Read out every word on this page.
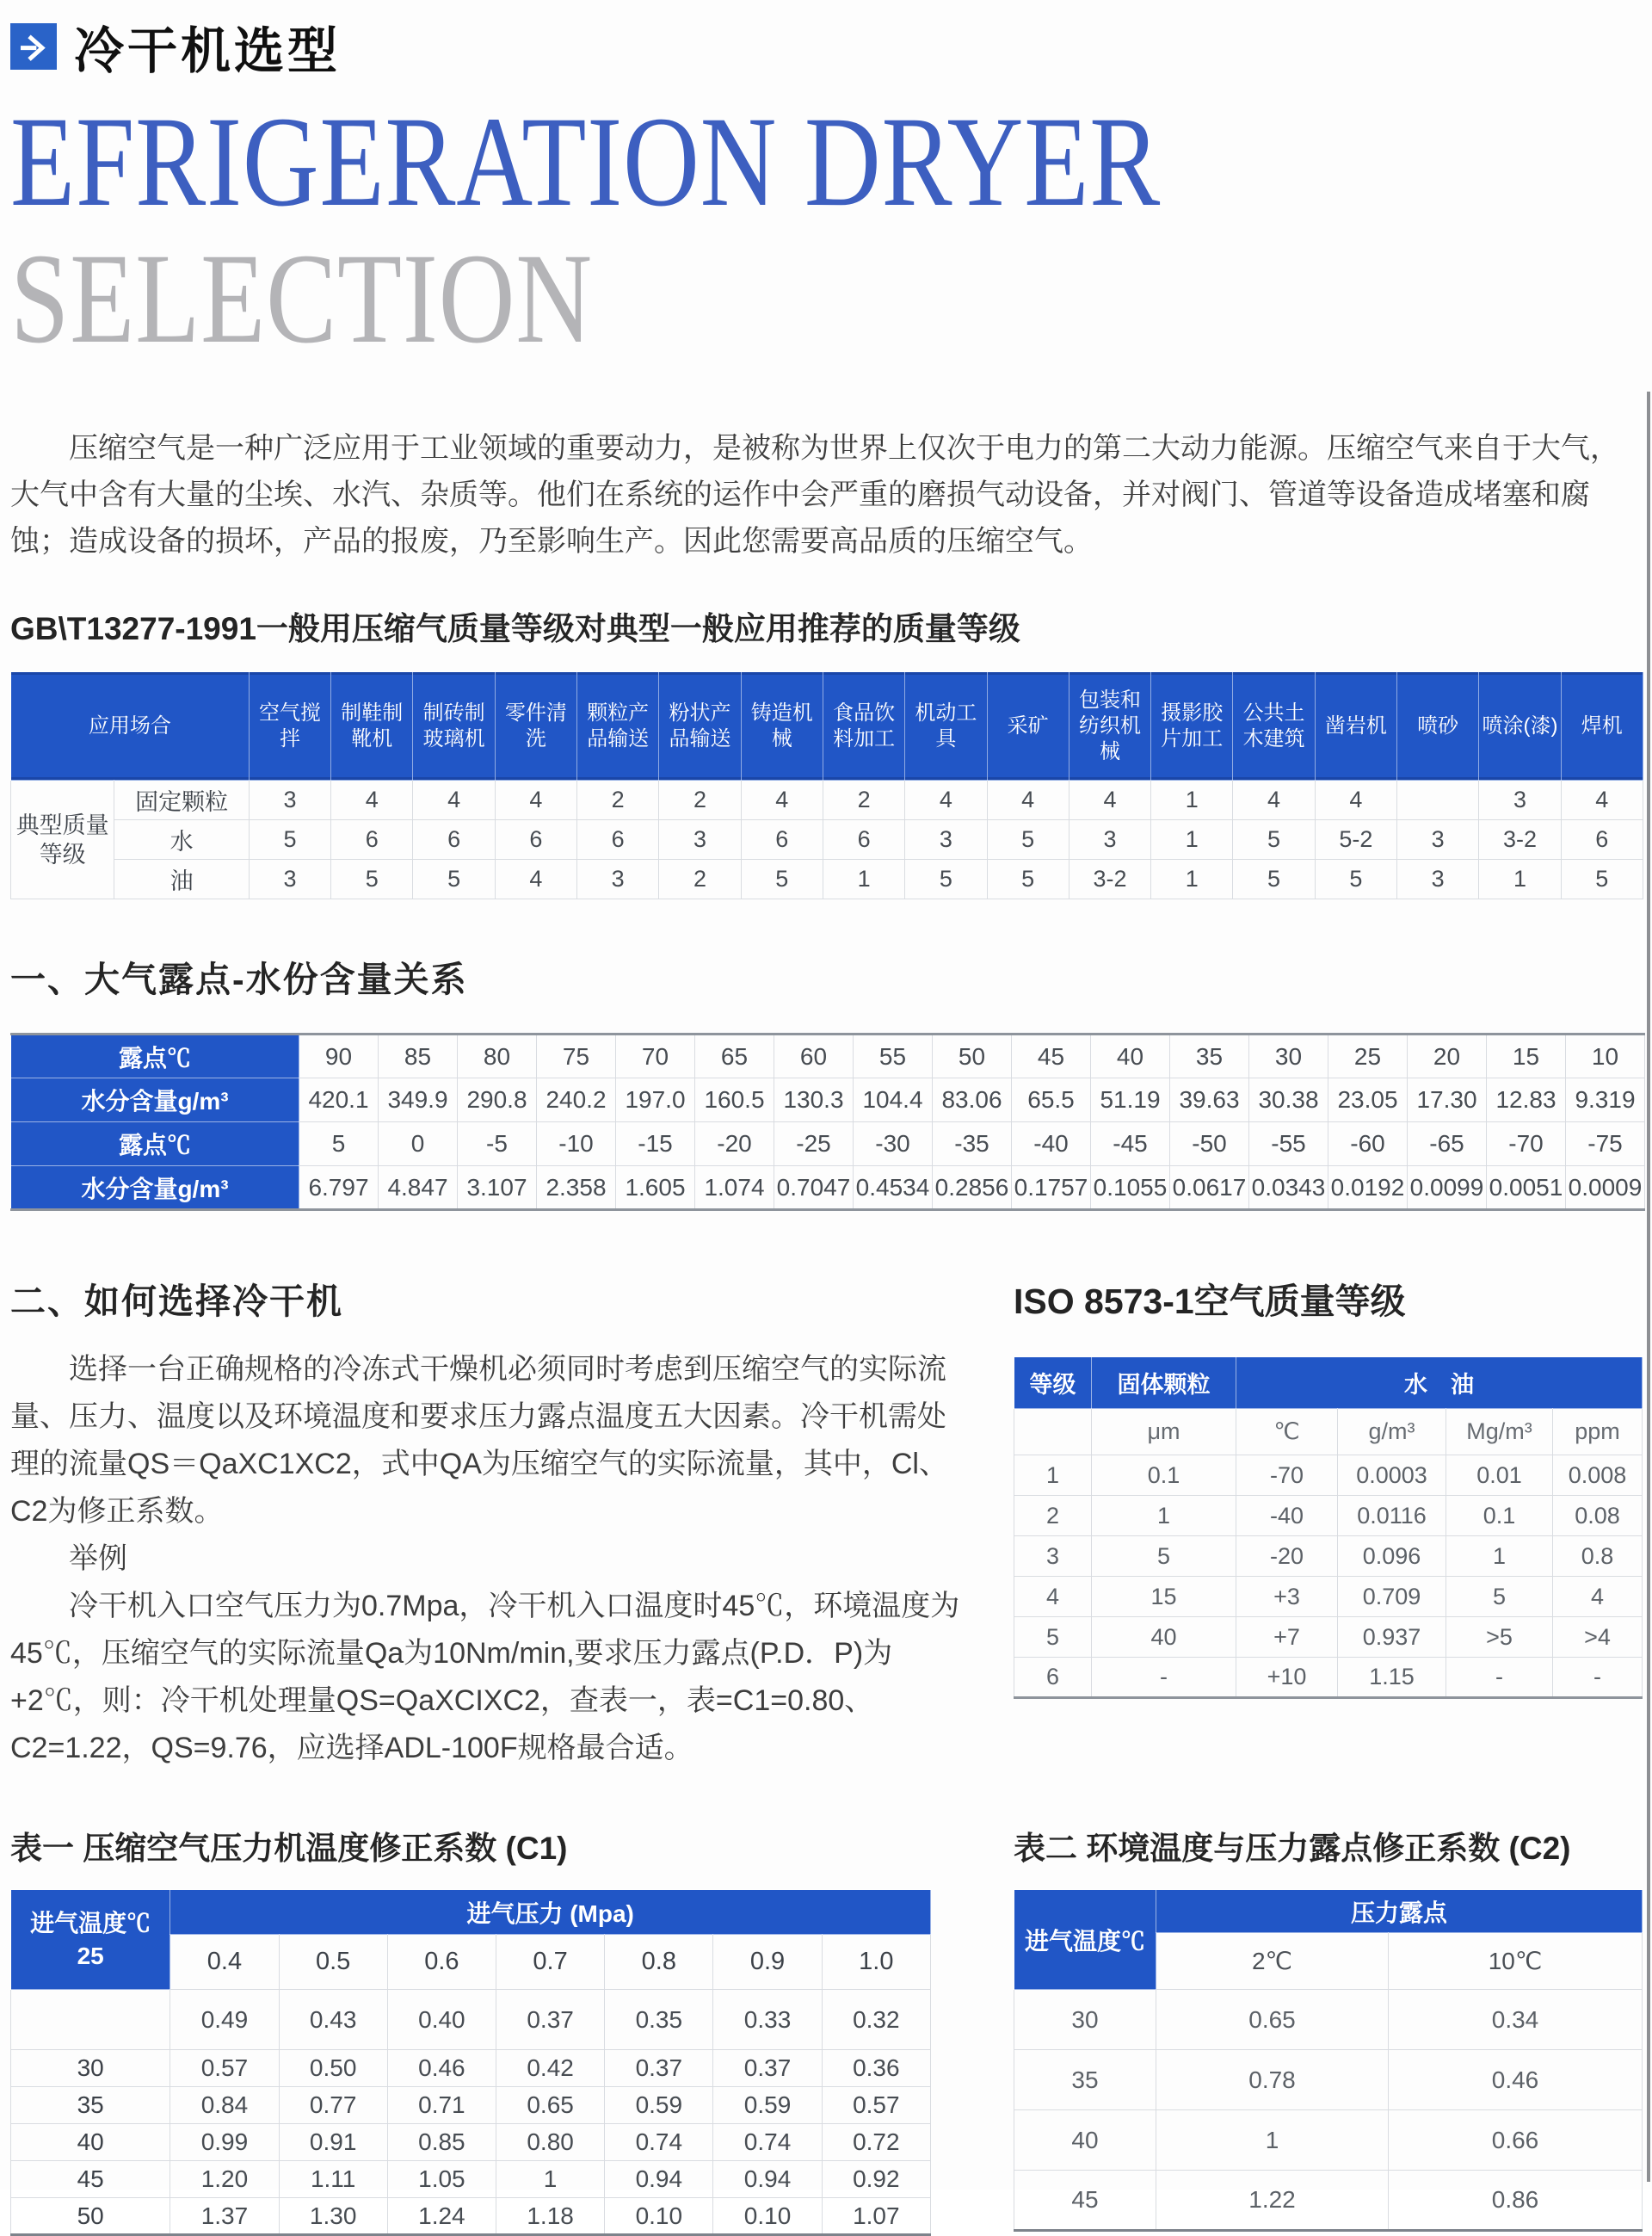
冷干机选型
EFRIGERATION DRYER
SELECTION

压缩空气是一种广泛应用于工业领域的重要动力，是被称为世界上仅次于电力的第二大动力能源。压缩空气来自于大气，大气中含有大量的尘埃、水汽、杂质等。他们在系统的运作中会严重的磨损气动设备，并对阀门、管道等设备造成堵塞和腐蚀；造成设备的损坏，产品的报废，乃至影响生产。因此您需要高品质的压缩空气。

GB\T13277-1991一般用压缩气质量等级对典型一般应用推荐的质量等级
应用场合		空气搅拌	制鞋制靴机	制砖制玻璃机	零件清洗	颗粒产品输送	粉状产品输送	铸造机械	食品饮料加工	机动工具	采矿	包装和纺织机械	摄影胶片加工	公共土木建筑	凿岩机	喷砂	喷涂(漆)	焊机
典型质量等级	固定颗粒	3	4	4	4	2	2	4	2	4	4	4	1	4	4		3	4
	水	5	6	6	6	6	3	6	6	3	5	3	1	5	5-2	3	3-2	6
	油	3	5	5	4	3	2	5	1	5	5	3-2	1	5	5	3	1	5
一、大气露点-水份含量关系
露点℃	90	85	80	75	70	65	60	55	50	45	40	35	30	25	20	15	10
水分含量g/m³	420.1	349.9	290.8	240.2	197.0	160.5	130.3	104.4	83.06	65.5	51.19	39.63	30.38	23.05	17.30	12.83	9.319
露点℃	5	0	-5	-10	-15	-20	-25	-30	-35	-40	-45	-50	-55	-60	-65	-70	-75
水分含量g/m³	6.797	4.847	3.107	2.358	1.605	1.074	0.7047	0.4534	0.2856	0.1757	0.1055	0.0617	0.0343	0.0192	0.0099	0.0051	0.0009
二、如何选择冷干机

选择一台正确规格的冷冻式干燥机必须同时考虑到压缩空气的实际流量、压力、温度以及环境温度和要求压力露点温度五大因素。冷干机需处理的流量QS＝QaXC1XC2，式中QA为压缩空气的实际流量，其中，Cl、C2为修正系数。

举例

冷干机入口空气压力为0.7Mpa，冷干机入口温度时45℃，环境温度为45℃，压缩空气的实际流量Qa为10Nm/min,要求压力露点(P.D．P)为+2℃，则：冷干机处理量QS=QaXCIXC2，查表一，表=C1=0.80、C2=1.22，QS=9.76，应选择ADL-100F规格最合适。

ISO 8573-1空气质量等级
等级	固体颗粒	水　油			
	μm	℃	g/m³	Mg/m³	ppm
1	0.1	-70	0.0003	0.01	0.008
2	1	-40	0.0116	0.1	0.08
3	5	-20	0.096	1	0.8
4	15	+3	0.709	5	4
5	40	+7	0.937	>5	>4
6	-	+10	1.15	-	-
表一 压缩空气压力机温度修正系数 (C1)
进气温度℃
25	进气压力 (Mpa)						
	0.4	0.5	0.6	0.7	0.8	0.9	1.0
	0.49	0.43	0.40	0.37	0.35	0.33	0.32
30	0.57	0.50	0.46	0.42	0.37	0.37	0.36
35	0.84	0.77	0.71	0.65	0.59	0.59	0.57
40	0.99	0.91	0.85	0.80	0.74	0.74	0.72
45	1.20	1.11	1.05	1	0.94	0.94	0.92
50	1.37	1.30	1.24	1.18	0.10	0.10	1.07
表二 环境温度与压力露点修正系数 (C2)
进气温度℃	压力露点	
	2℃	10℃
30	0.65	0.34
35	0.78	0.46
40	1	0.66
45	1.22	0.86
